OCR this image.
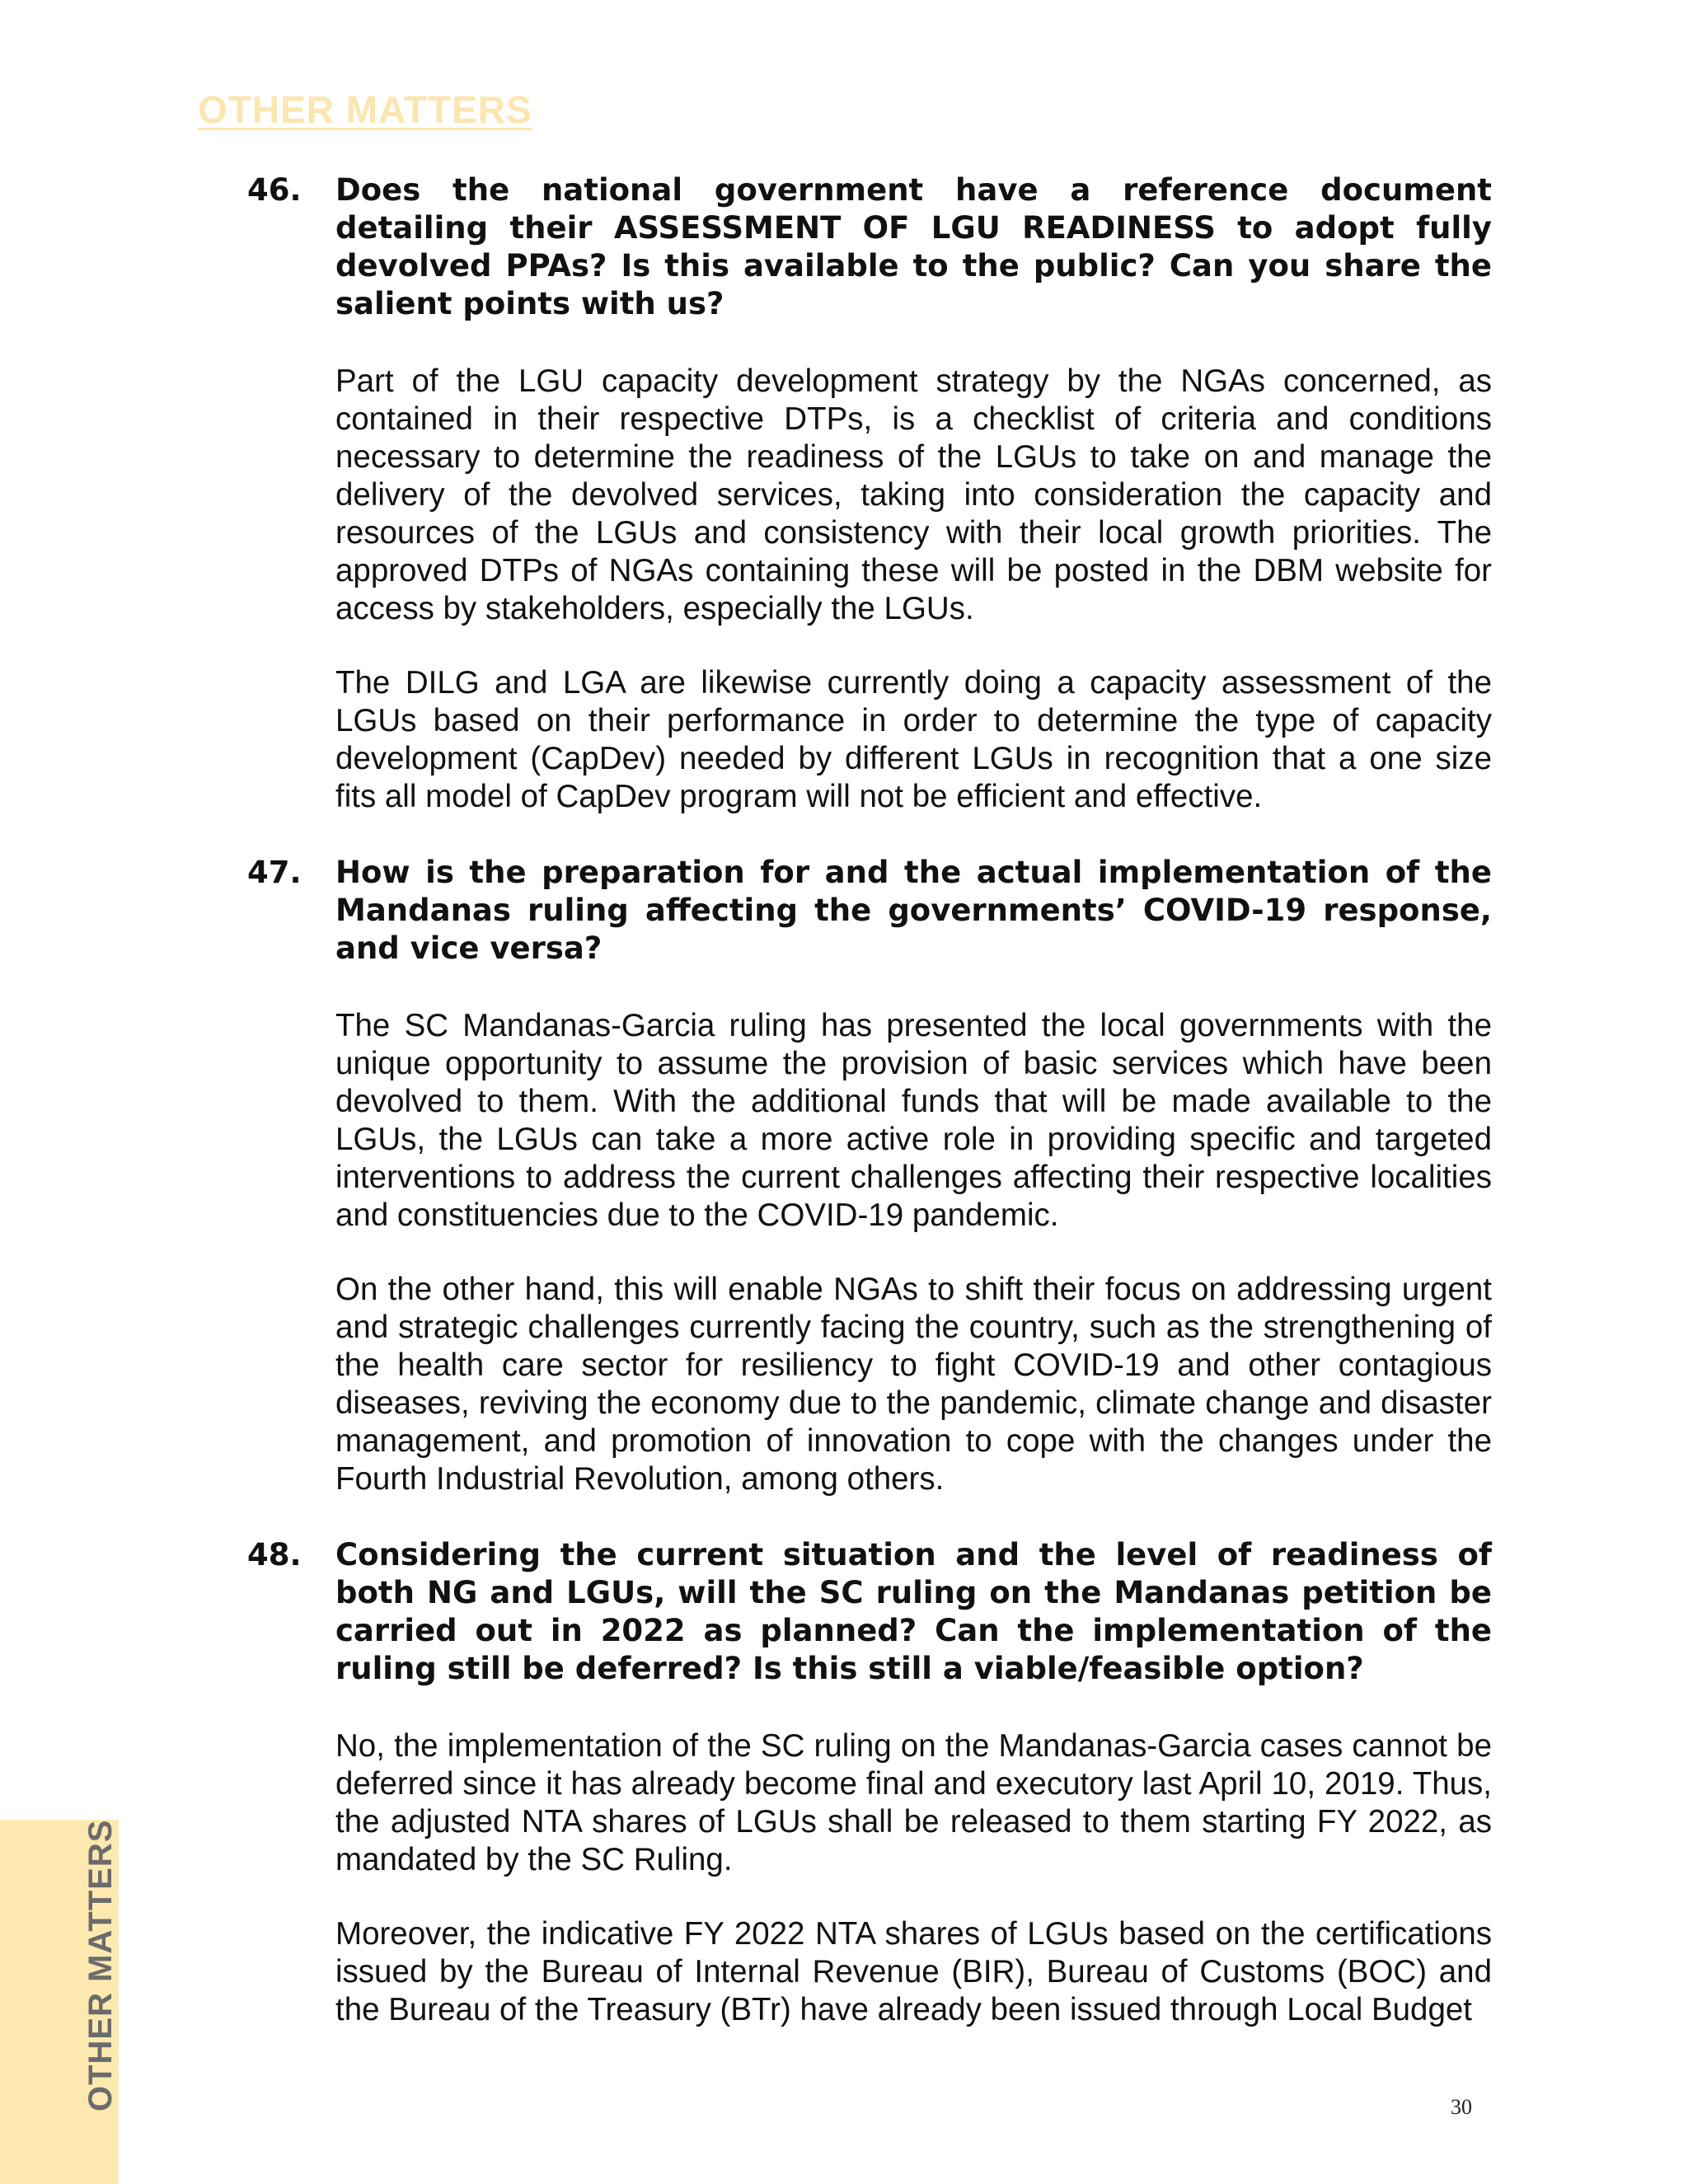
OTHER MATTERS
46.	Does the national government have a reference document detailing their ASSESSMENT OF LGU READINESS to adopt fully devolved PPAs? Is this available to the public? Can you share the salient points with us?

Part of the LGU capacity development strategy by the NGAs concerned, as contained in their respective DTPs, is a checklist of criteria and conditions necessary to determine the readiness of the LGUs to take on and manage the delivery of the devolved services, taking into consideration the capacity and resources of the LGUs and consistency with their local growth priorities. The approved DTPs of NGAs containing these will be posted in the DBM website for access by stakeholders, especially the LGUs.

The DILG and LGA are likewise currently doing a capacity assessment of the LGUs based on their performance in order to determine the type of capacity development (CapDev) needed by different LGUs in recognition that a one size fits all model of CapDev program will not be efficient and effective.

47.	How is the preparation for and the actual implementation of the Mandanas ruling affecting the governments’ COVID-19 response, and vice versa?

The SC Mandanas-Garcia ruling has presented the local governments with the unique opportunity to assume the provision of basic services which have been devolved to them. With the additional funds that will be made available to the LGUs, the LGUs can take a more active role in providing specific and targeted interventions to address the current challenges affecting their respective localities and constituencies due to the COVID-19 pandemic.

On the other hand, this will enable NGAs to shift their focus on addressing urgent and strategic challenges currently facing the country, such as the strengthening of the health care sector for resiliency to fight COVID-19 and other contagious diseases, reviving the economy due to the pandemic, climate change and disaster management, and promotion of innovation to cope with the changes under the Fourth Industrial Revolution, among others.

48.	Considering the current situation and the level of readiness of both NG and LGUs, will the SC ruling on the Mandanas petition be carried out in 2022 as planned? Can the implementation of the ruling still be deferred? Is this still a viable/feasible option?

No, the implementation of the SC ruling on the Mandanas-Garcia cases cannot be deferred since it has already become final and executory last April 10, 2019. Thus, the adjusted NTA shares of LGUs shall be released to them starting FY 2022, as mandated by the SC Ruling.

Moreover, the indicative FY 2022 NTA shares of LGUs based on the certifications issued by the Bureau of Internal Revenue (BIR), Bureau of Customs (BOC) and the Bureau of the Treasury (BTr) have already been issued through Local Budget

OTHER MATTERS	30
